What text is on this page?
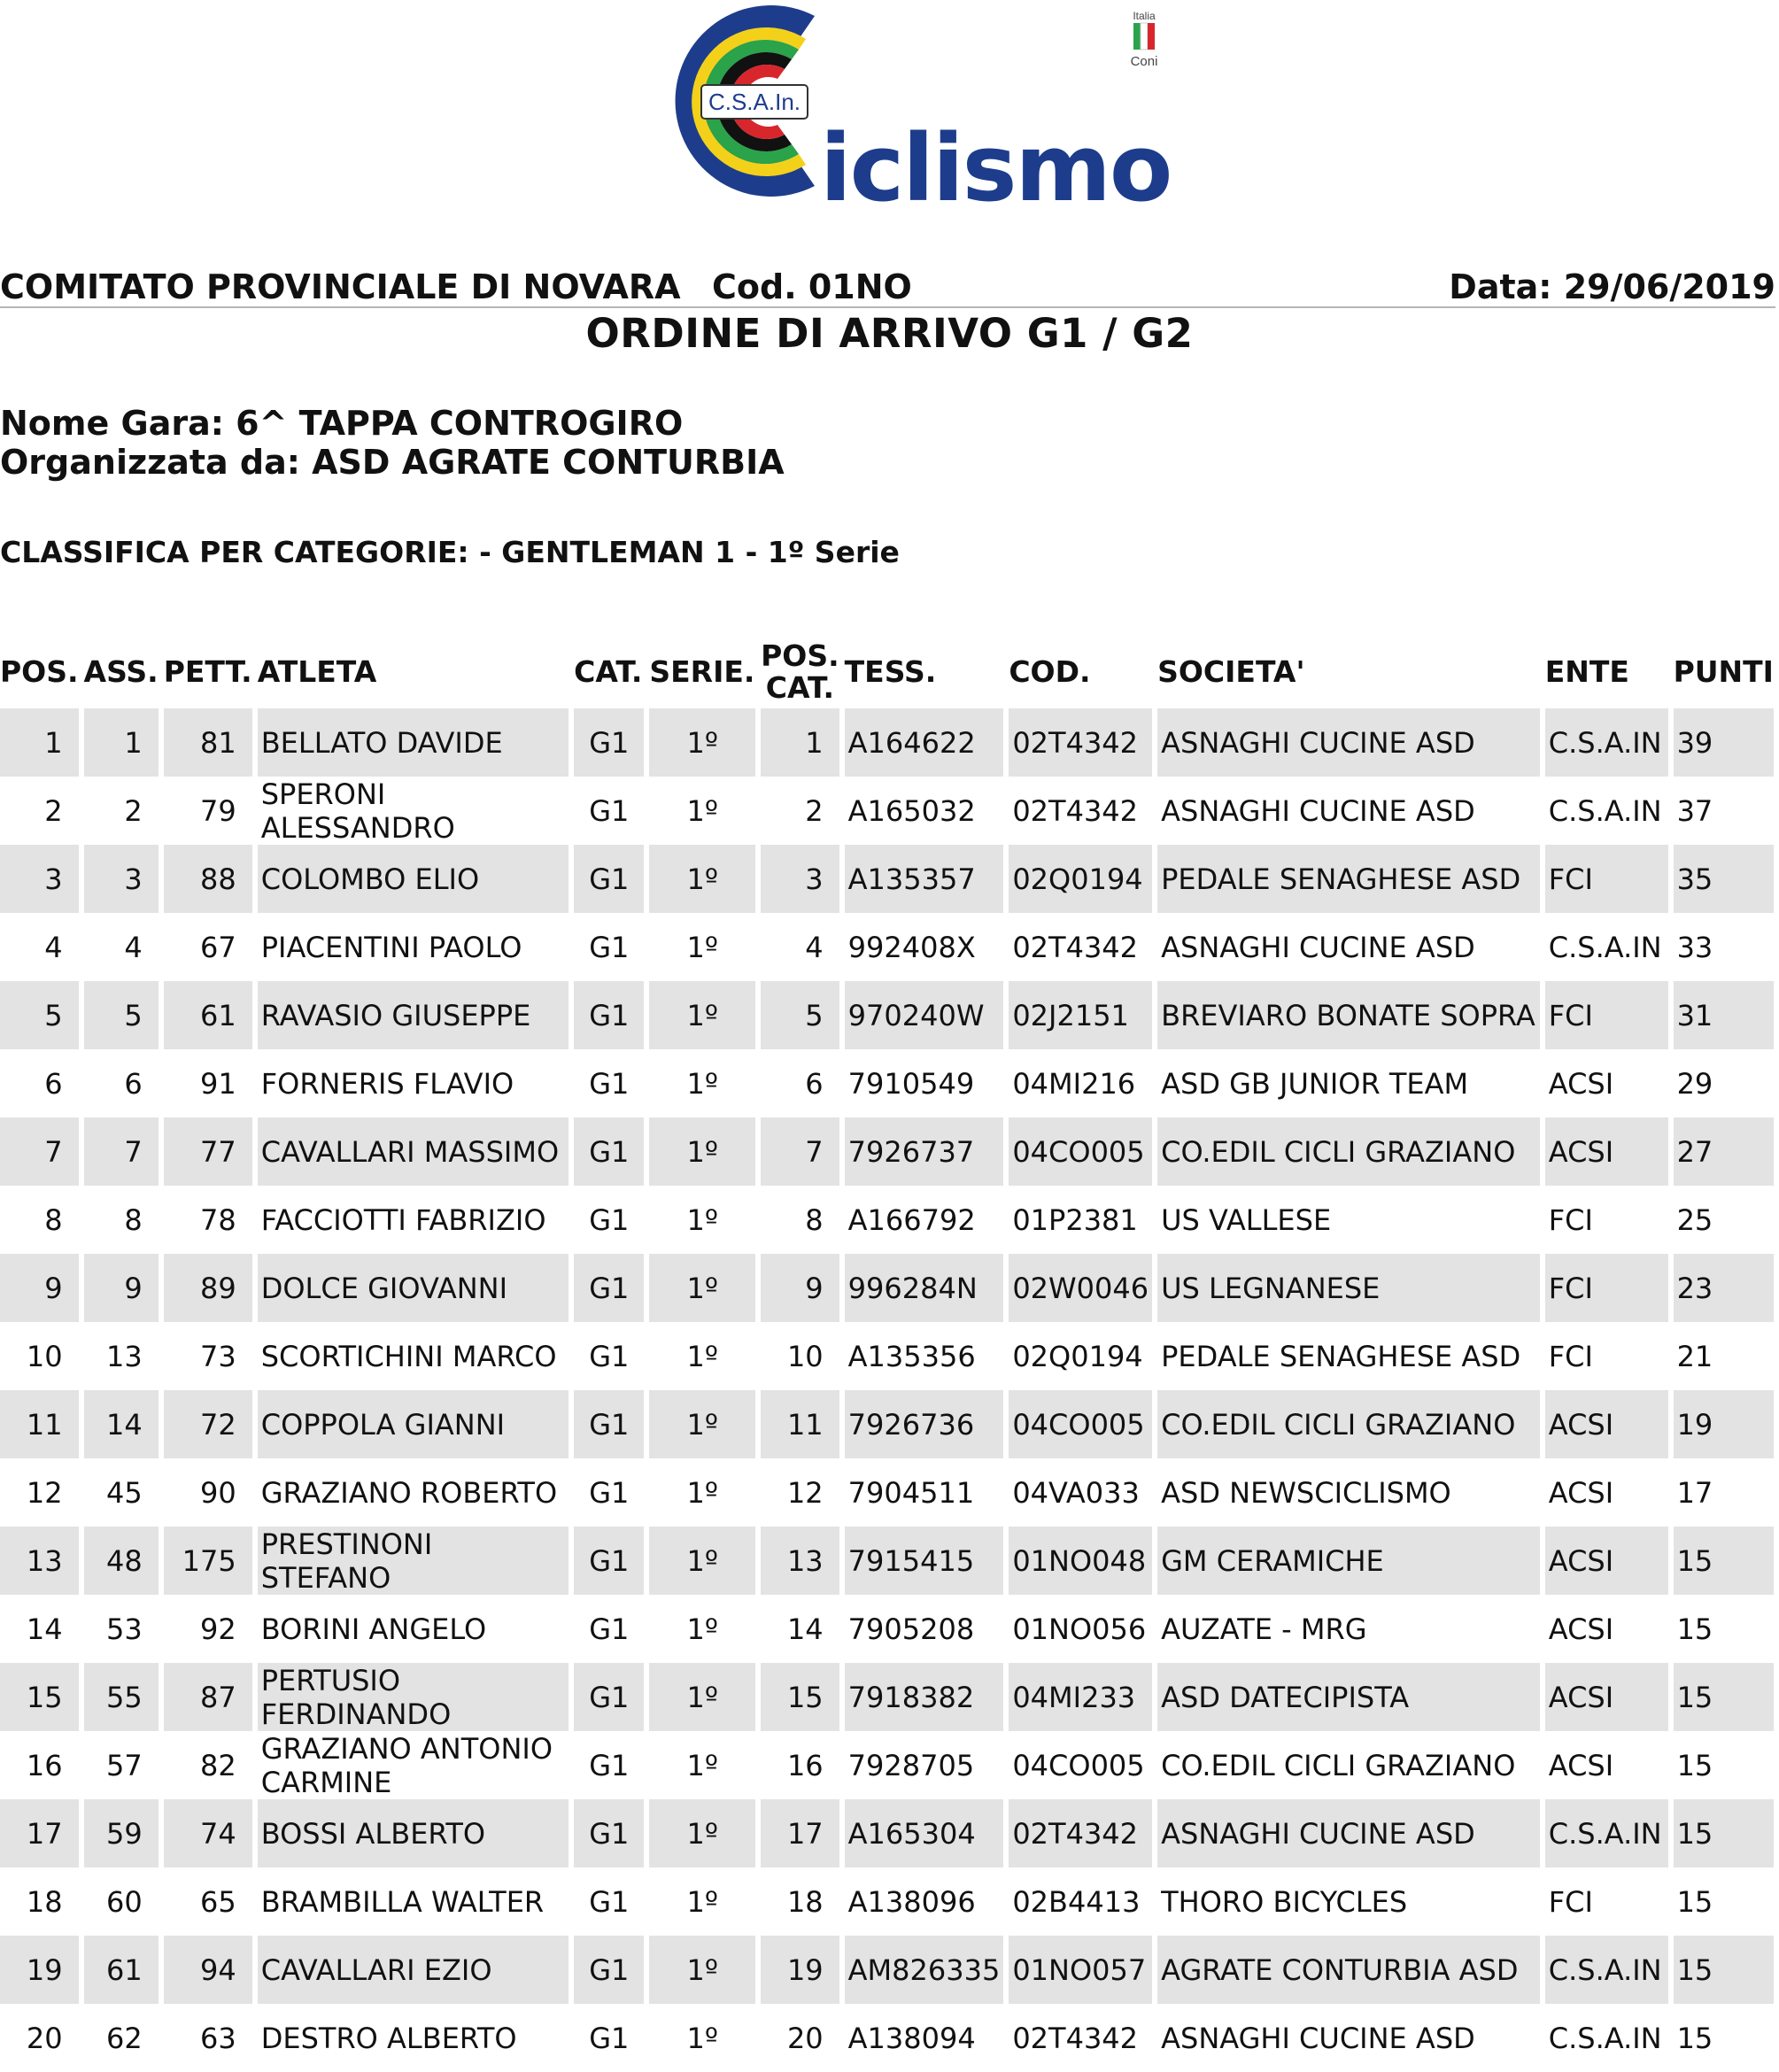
C.S.A.In.
iclismo
Italia
Coni
COMITATO PROVINCIALE DI NOVARA Cod. 01NO	Data: 29/06/2019
ORDINE DI ARRIVO G1 / G2
Nome Gara: 6^ TAPPA CONTROGIRO
Organizzata da: ASD AGRATE CONTURBIA
CLASSIFICA PER CATEGORIE: - GENTLEMAN 1 - 1º Serie
POS.	ASS.	PETT.	ATLETA	CAT.	SERIE.	POS. CAT.	TESS.	COD.	SOCIETA'	ENTE	PUNTI
1	1	81	BELLATO DAVIDE	G1	1º	1	A164622	02T4342	ASNAGHI CUCINE ASD	C.S.A.IN	39
2	2	79	SPERONI ALESSANDRO	G1	1º	2	A165032	02T4342	ASNAGHI CUCINE ASD	C.S.A.IN	37
3	3	88	COLOMBO ELIO	G1	1º	3	A135357	02Q0194	PEDALE SENAGHESE ASD	FCI	35
4	4	67	PIACENTINI PAOLO	G1	1º	4	992408X	02T4342	ASNAGHI CUCINE ASD	C.S.A.IN	33
5	5	61	RAVASIO GIUSEPPE	G1	1º	5	970240W	02J2151	BREVIARO BONATE SOPRA	FCI	31
6	6	91	FORNERIS FLAVIO	G1	1º	6	7910549	04MI216	ASD GB JUNIOR TEAM	ACSI	29
7	7	77	CAVALLARI MASSIMO	G1	1º	7	7926737	04CO005	CO.EDIL CICLI GRAZIANO	ACSI	27
8	8	78	FACCIOTTI FABRIZIO	G1	1º	8	A166792	01P2381	US VALLESE	FCI	25
9	9	89	DOLCE GIOVANNI	G1	1º	9	996284N	02W0046	US LEGNANESE	FCI	23
10	13	73	SCORTICHINI MARCO	G1	1º	10	A135356	02Q0194	PEDALE SENAGHESE ASD	FCI	21
11	14	72	COPPOLA GIANNI	G1	1º	11	7926736	04CO005	CO.EDIL CICLI GRAZIANO	ACSI	19
12	45	90	GRAZIANO ROBERTO	G1	1º	12	7904511	04VA033	ASD NEWSCICLISMO	ACSI	17
13	48	175	PRESTINONI STEFANO	G1	1º	13	7915415	01NO048	GM CERAMICHE	ACSI	15
14	53	92	BORINI ANGELO	G1	1º	14	7905208	01NO056	AUZATE - MRG	ACSI	15
15	55	87	PERTUSIO FERDINANDO	G1	1º	15	7918382	04MI233	ASD DATECIPISTA	ACSI	15
16	57	82	GRAZIANO ANTONIO CARMINE	G1	1º	16	7928705	04CO005	CO.EDIL CICLI GRAZIANO	ACSI	15
17	59	74	BOSSI ALBERTO	G1	1º	17	A165304	02T4342	ASNAGHI CUCINE ASD	C.S.A.IN	15
18	60	65	BRAMBILLA WALTER	G1	1º	18	A138096	02B4413	THORO BICYCLES	FCI	15
19	61	94	CAVALLARI EZIO	G1	1º	19	AM826335	01NO057	AGRATE CONTURBIA ASD	C.S.A.IN	15
20	62	63	DESTRO ALBERTO	G1	1º	20	A138094	02T4342	ASNAGHI CUCINE ASD	C.S.A.IN	15
